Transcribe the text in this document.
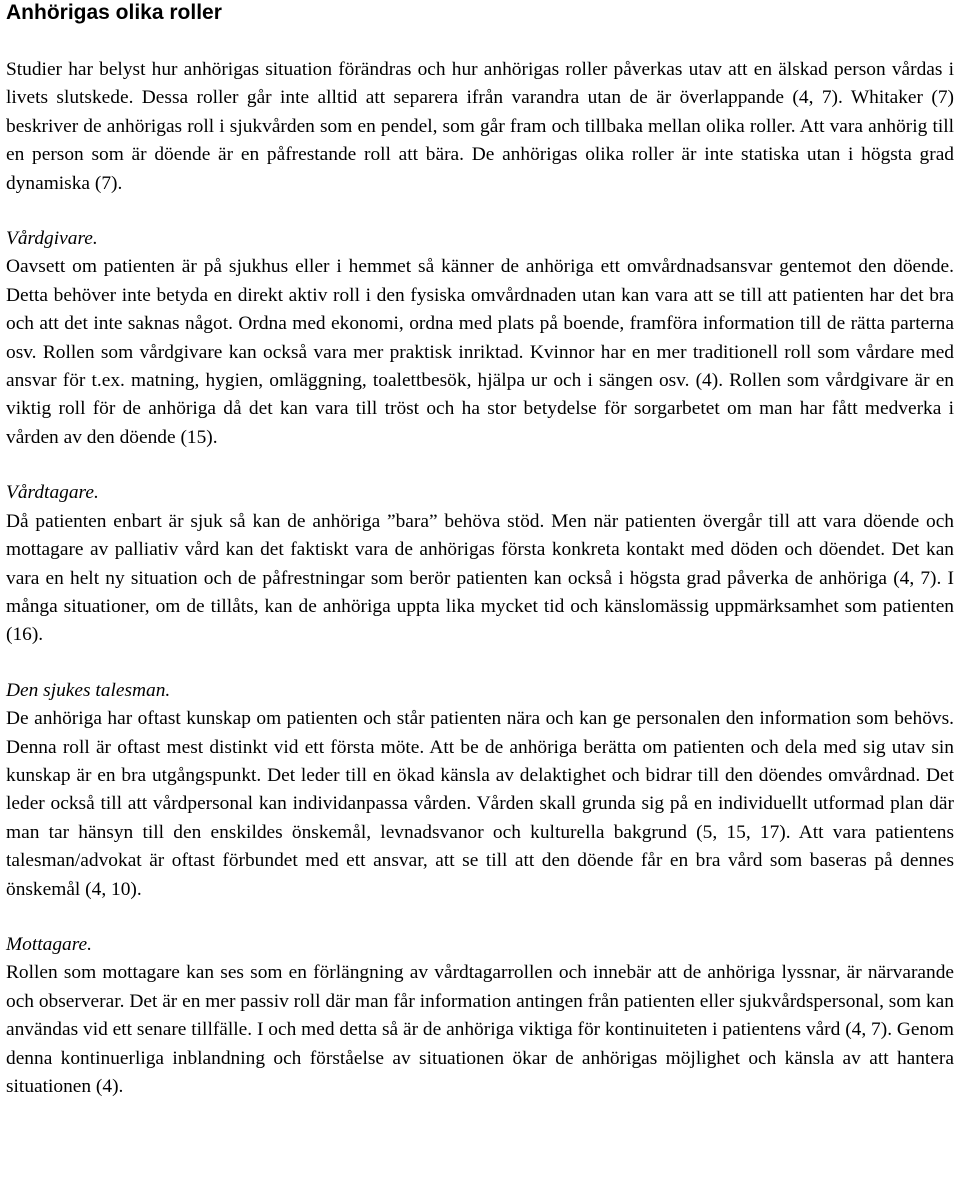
Anhörigas olika roller

Studier har belyst hur anhörigas situation förändras och hur anhörigas roller påverkas utav att en älskad person vårdas i livets slutskede. Dessa roller går inte alltid att separera ifrån varandra utan de är överlappande (4, 7). Whitaker (7) beskriver de anhörigas roll i sjukvården som en pendel, som går fram och tillbaka mellan olika roller. Att vara anhörig till en person som är döende är en påfrestande roll att bära. De anhörigas olika roller är inte statiska utan i högsta grad dynamiska (7).

Vårdgivare.

Oavsett om patienten är på sjukhus eller i hemmet så känner de anhöriga ett omvårdnadsansvar gentemot den döende. Detta behöver inte betyda en direkt aktiv roll i den fysiska omvårdnaden utan kan vara att se till att patienten har det bra och att det inte saknas något. Ordna med ekonomi, ordna med plats på boende, framföra information till de rätta parterna osv. Rollen som vårdgivare kan också vara mer praktisk inriktad. Kvinnor har en mer traditionell roll som vårdare med ansvar för t.ex. matning, hygien, omläggning, toalettbesök, hjälpa ur och i sängen osv. (4). Rollen som vårdgivare är en viktig roll för de anhöriga då det kan vara till tröst och ha stor betydelse för sorgarbetet om man har fått medverka i vården av den döende (15).

Vårdtagare.

Då patienten enbart är sjuk så kan de anhöriga ”bara” behöva stöd. Men när patienten övergår till att vara döende och mottagare av palliativ vård kan det faktiskt vara de anhörigas första konkreta kontakt med döden och döendet. Det kan vara en helt ny situation och de påfrestningar som berör patienten kan också i högsta grad påverka de anhöriga (4, 7). I många situationer, om de tillåts, kan de anhöriga uppta lika mycket tid och känslomässig uppmärksamhet som patienten (16).

Den sjukes talesman.

De anhöriga har oftast kunskap om patienten och står patienten nära och kan ge personalen den information som behövs. Denna roll är oftast mest distinkt vid ett första möte. Att be de anhöriga berätta om patienten och dela med sig utav sin kunskap är en bra utgångspunkt. Det leder till en ökad känsla av delaktighet och bidrar till den döendes omvårdnad. Det leder också till att vårdpersonal kan individanpassa vården. Vården skall grunda sig på en individuellt utformad plan där man tar hänsyn till den enskildes önskemål, levnadsvanor och kulturella bakgrund (5, 15, 17). Att vara patientens talesman/advokat är oftast förbundet med ett ansvar, att se till att den döende får en bra vård som baseras på dennes önskemål (4, 10).

Mottagare.

Rollen som mottagare kan ses som en förlängning av vårdtagarrollen och innebär att de anhöriga lyssnar, är närvarande och observerar. Det är en mer passiv roll där man får information antingen från patienten eller sjukvårdspersonal, som kan användas vid ett senare tillfälle. I och med detta så är de anhöriga viktiga för kontinuiteten i patientens vård (4, 7). Genom denna kontinuerliga inblandning och förståelse av situationen ökar de anhörigas möjlighet och känsla av att hantera situationen (4).
